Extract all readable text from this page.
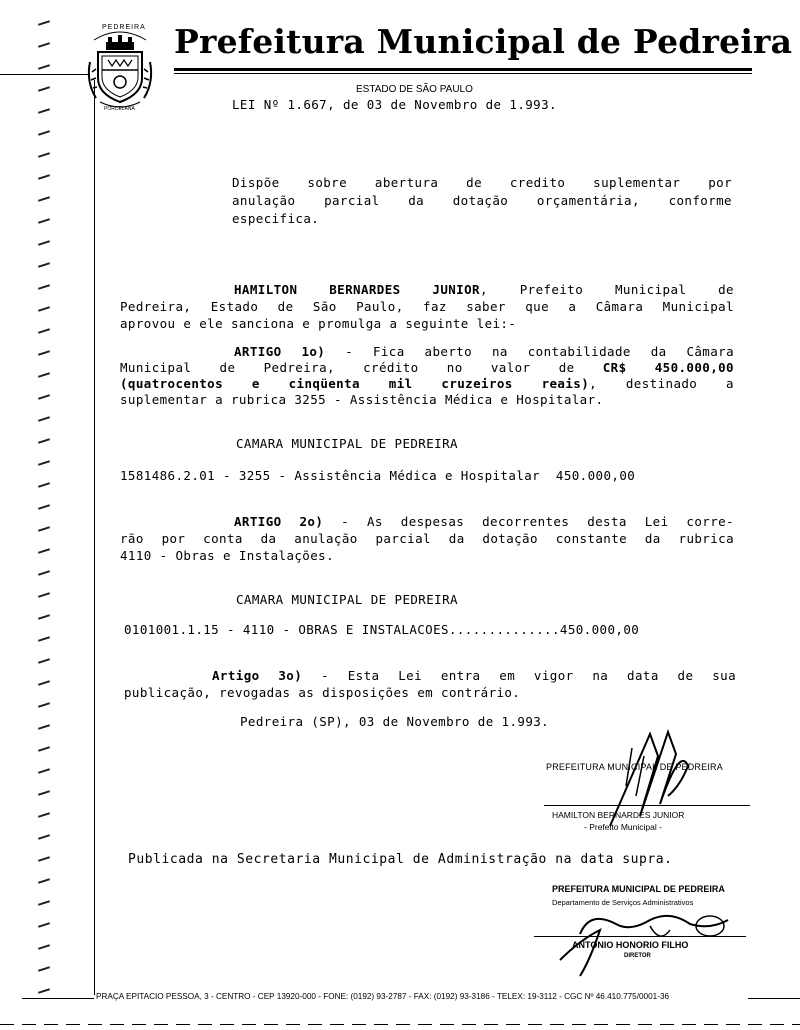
PEDREIRA
PORCELANA
Prefeitura Municipal de Pedreira
ESTADO DE SÃO PAULO
LEI Nº 1.667, de 03 de Novembro de 1.993.
Dispõe sobre abertura de credito suplementar por
anulação parcial da dotação orçamentária, conforme
especifica.
HAMILTON BERNARDES JUNIOR, Prefeito Municipal de
Pedreira, Estado de São Paulo, faz saber que a Câmara Municipal
aprovou e ele sanciona e promulga a seguinte lei:-
ARTIGO 1o) - Fica aberto na contabilidade da Câmara
Municipal de Pedreira, crédito no valor de CR$ 450.000,00
(quatrocentos e cinqüenta mil cruzeiros reais), destinado a
suplementar a rubrica 3255 - Assistência Médica e Hospitalar.
CAMARA MUNICIPAL DE PEDREIRA
1581486.2.01 - 3255 - Assistência Médica e Hospitalar  450.000,00
ARTIGO 2o) - As despesas decorrentes desta Lei corre-
rão por conta da anulação parcial da dotação constante da rubrica
4110 - Obras e Instalações.
CAMARA MUNICIPAL DE PEDREIRA
0101001.1.15 - 4110 - OBRAS E INSTALACOES..............450.000,00
Artigo 3o) - Esta Lei entra em vigor na data de sua
publicação, revogadas as disposições em contrário.
Pedreira (SP), 03 de Novembro de 1.993.
PREFEITURA MUNICIPAL DE PEDREIRA
HAMILTON BERNARDES JUNIOR
- Prefeito Municipal -
Publicada na Secretaria Municipal de Administração na data supra.
PREFEITURA MUNICIPAL DE PEDREIRA
Departamento de Serviços Administrativos
ANTONIO HONORIO FILHO
DIRETOR
PRAÇA EPITACIO PESSOA, 3 - CENTRO - CEP 13920-000 - FONE: (0192) 93-2787 - FAX: (0192) 93-3186 - TELEX: 19-3112 - CGC Nº 46.410.775/0001-36
